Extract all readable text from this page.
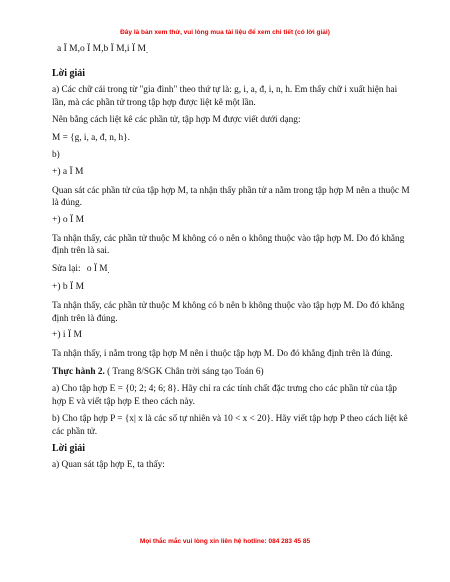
Đây là bản xem thử, vui lòng mua tài liệu để xem chi tiết (có lời giải)
a Ï M,o Ï M,b Ï M,i Ï $M_.$
Lời giải

a) Các chữ cái trong từ "gia đình" theo thứ tự là: g, i, a, đ, i, n, h. Em thấy chữ i xuất hiện hai lần, mà các phần tử trong tập hợp được liệt kê một lần.

Nên bằng cách liệt kê các phần tử, tập hợp M được viết dưới dạng:

M = {g, i, a, đ, n, h}.

b)

+) a Ï M

Quan sát các phần tử của tập hợp M, ta nhận thấy phần tử a nằm trong tập hợp M nên a thuộc M là đúng.

+) o Ï M

Ta nhận thấy, các phần tử thuộc M không có o nên o không thuộc vào tập hợp M. Do đó khẳng định trên là sai.

Sửa lại: o Ï M.

+) b Ï M

Ta nhận thấy, các phần tử thuộc M không có b nên b không thuộc vào tập hợp M. Do đó khẳng định trên là đúng.

+) i Ï M

Ta nhận thấy, i nằm trong tập hợp M nên i thuộc tập hợp M. Do đó khẳng định trên là đúng.

Thực hành 2. ( Trang 8/SGK Chân trời sáng tạo Toán 6)

a) Cho tập hợp E = {0; 2; 4; 6; 8}. Hãy chỉ ra các tính chất đặc trưng cho các phần tử của tập hợp E và viết tập hợp E theo cách này.

b) Cho tập hợp P = {x| x là các số tự nhiên và 10 < x < 20}. Hãy viết tập hợp P theo cách liệt kê các phần tử.

Lời giải

a) Quan sát tập hợp E, ta thấy:

Mọi thắc mắc vui lòng xin liên hệ hotline: 084 283 45 85
